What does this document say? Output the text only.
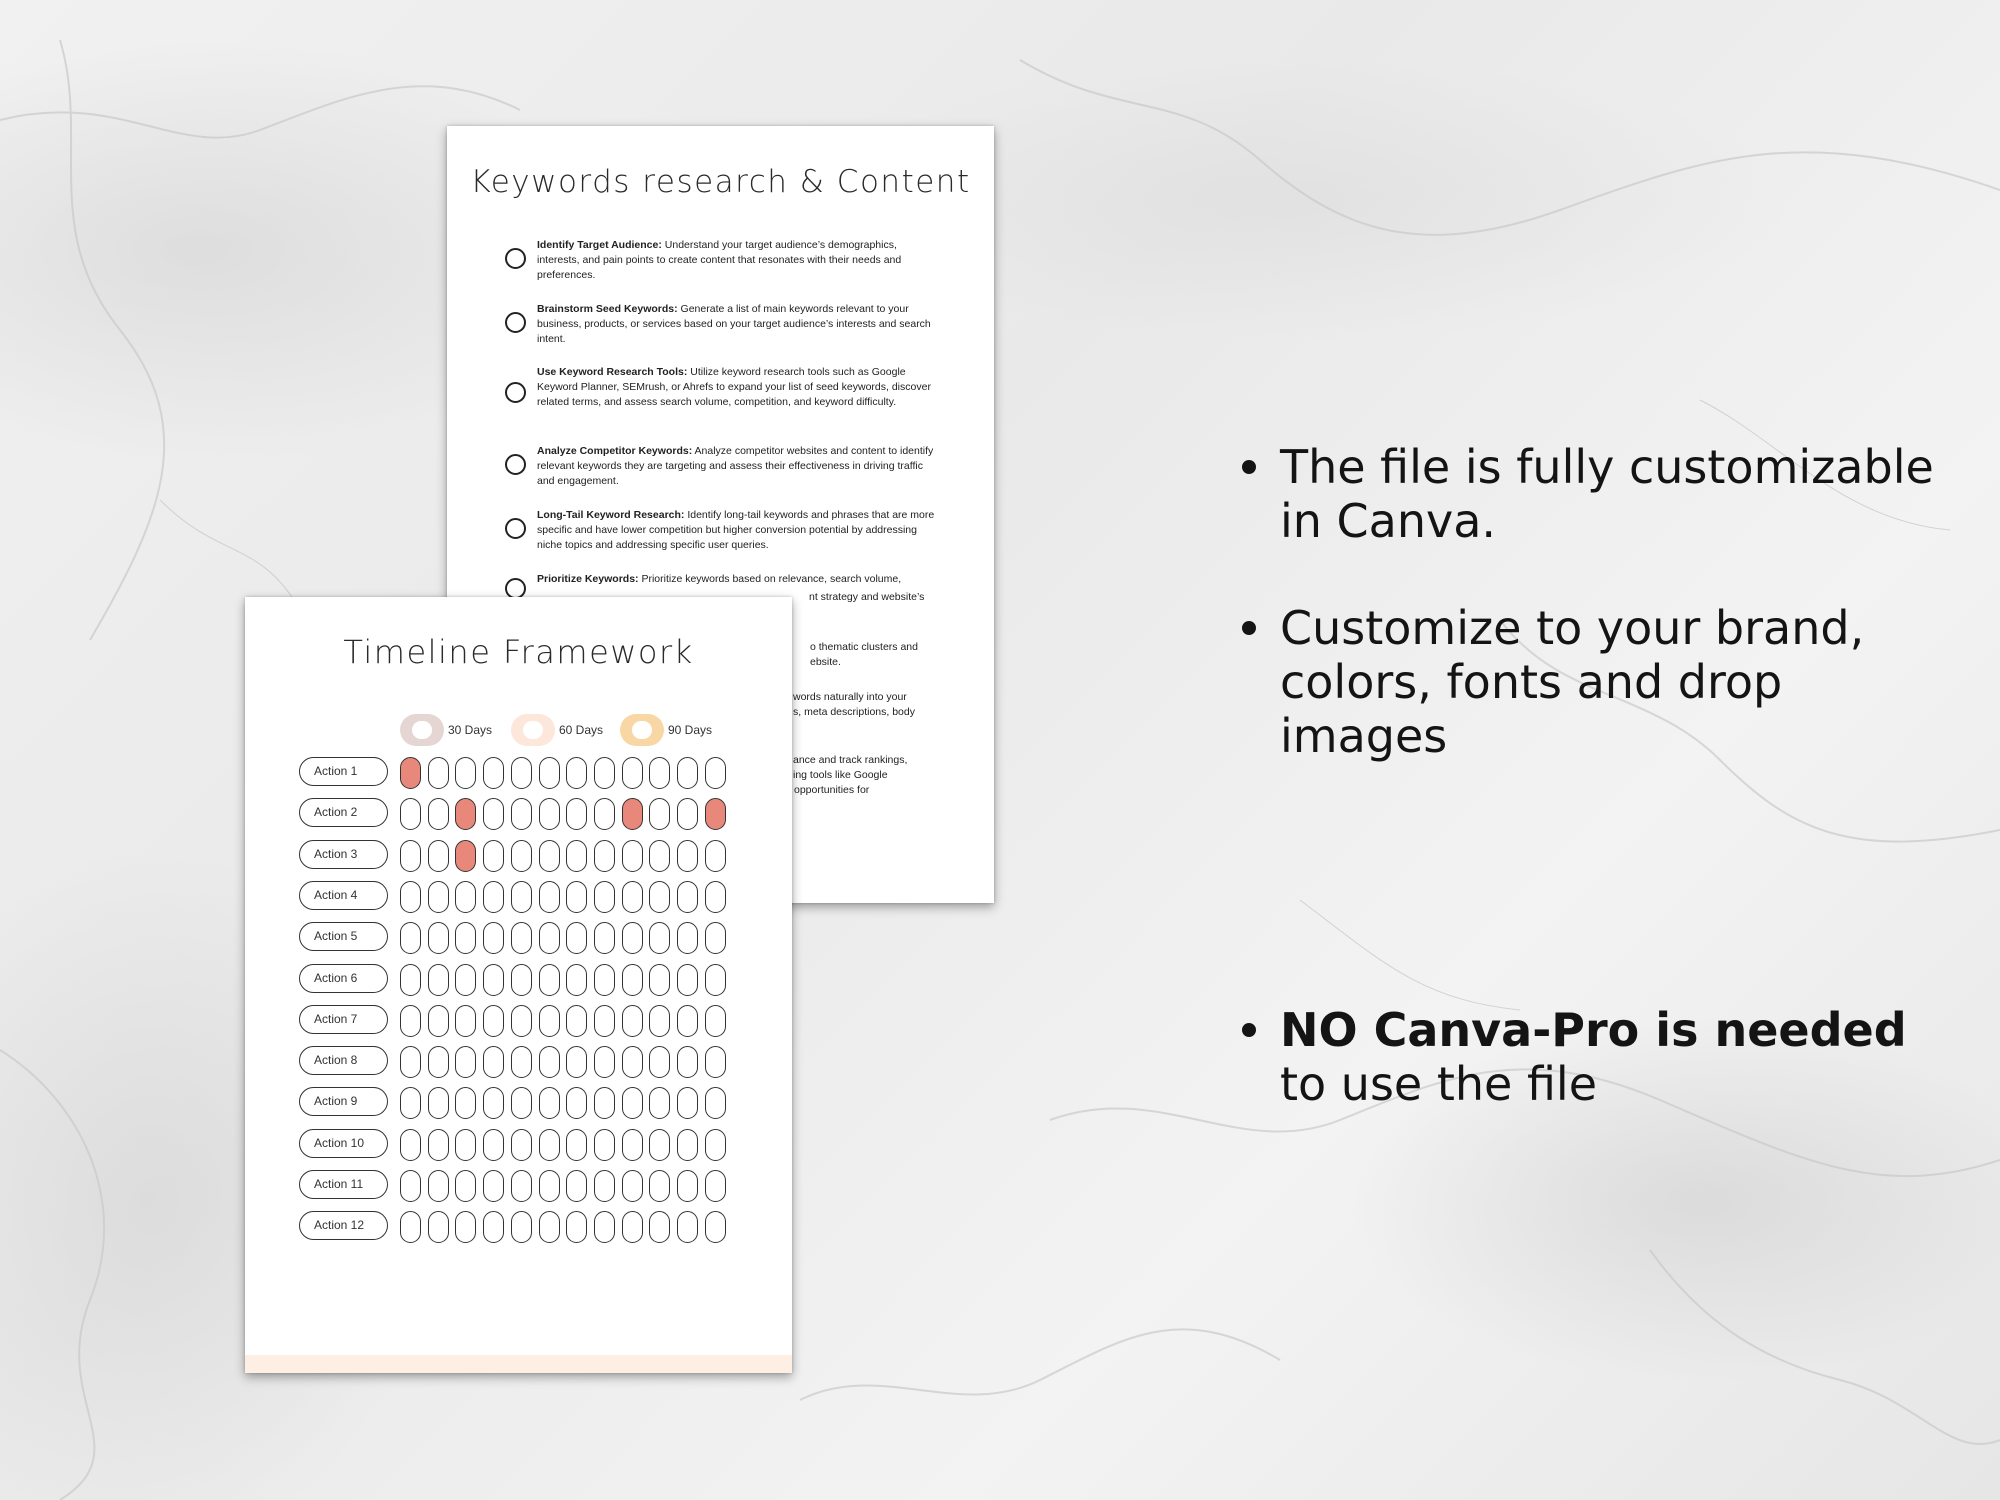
Keywords research & Content
Identify Target Audience: Understand your target audience’s demographics, interests, and pain points to create content that resonates with their needs and preferences.
Brainstorm Seed Keywords: Generate a list of main keywords relevant to your business, products, or services based on your target audience’s interests and search intent.
Use Keyword Research Tools: Utilize keyword research tools such as Google Keyword Planner, SEMrush, or Ahrefs to expand your list of seed keywords, discover related terms, and assess search volume, competition, and keyword difficulty.
Analyze Competitor Keywords: Analyze competitor websites and content to identify relevant keywords they are targeting and assess their effectiveness in driving traffic and engagement.
Long-Tail Keyword Research: Identify long-tail keywords and phrases that are more specific and have lower competition but higher conversion potential by addressing niche topics and addressing specific user queries.
Prioritize Keywords: Prioritize keywords based on relevance, search volume,
nt strategy and website’s
o thematic clusters and
ebsite.
words naturally into your
s, meta descriptions, body
ance and track rankings,
ing tools like Google
opportunities for
Timeline Framework
30 Days	60 Days	90 Days
Action 1
Action 2
Action 3
Action 4
Action 5
Action 6
Action 7
Action 8
Action 9
Action 10
Action 11
Action 12
The file is fully customizable in Canva.
Customize to your brand, colors, fonts and drop images
NO Canva-Pro is needed
to use the file
